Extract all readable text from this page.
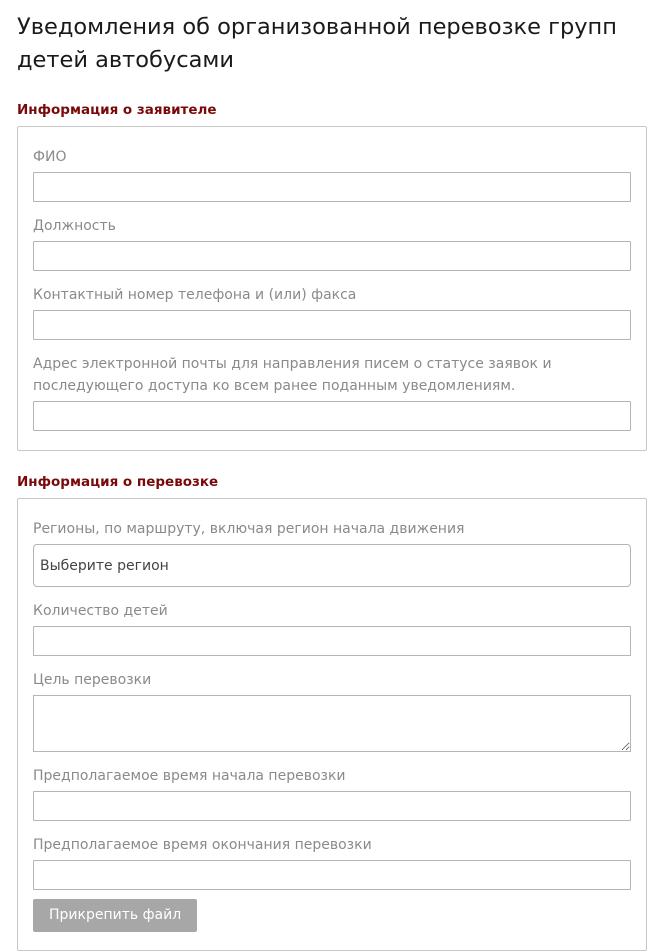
Уведомления об организованной перевозке групп детей автобусами
Информация о заявителе
ФИО
Должность
Контактный номер телефона и (или) факса
Адрес электронной почты для направления писем о статусе заявок и последующего доступа ко всем ранее поданным уведомлениям.
Информация о перевозке
Регионы, по маршруту, включая регион начала движения
Выберите регион
Количество детей
Цель перевозки
Предполагаемое время начала перевозки
Предполагаемое время окончания перевозки
Прикрепить файл
